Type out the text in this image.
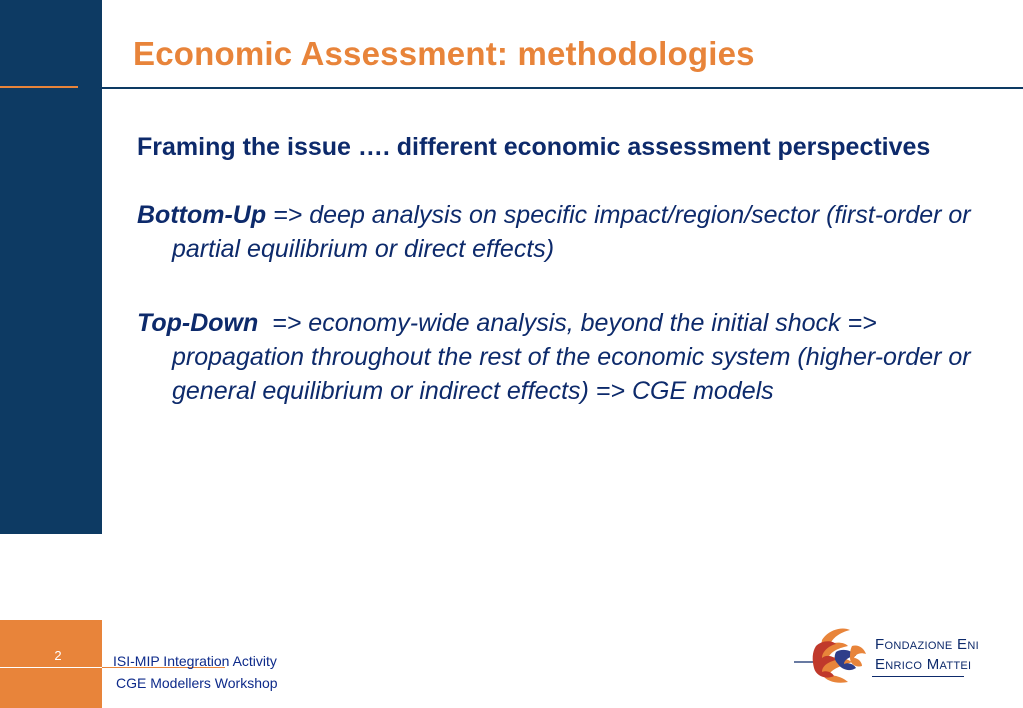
Economic Assessment: methodologies

Framing the issue …. different economic assessment perspectives

Bottom-Up => deep analysis on specific impact/region/sector (first-order or partial equilibrium or direct effects)

Top-Down  => economy-wide analysis, beyond the initial shock => propagation throughout the rest of the economic system (higher-order or general equilibrium or indirect effects) => CGE models

2	ISI-MIP Integration Activity
CGE Modellers Workshop
Fondazione Eni
Enrico Mattei
